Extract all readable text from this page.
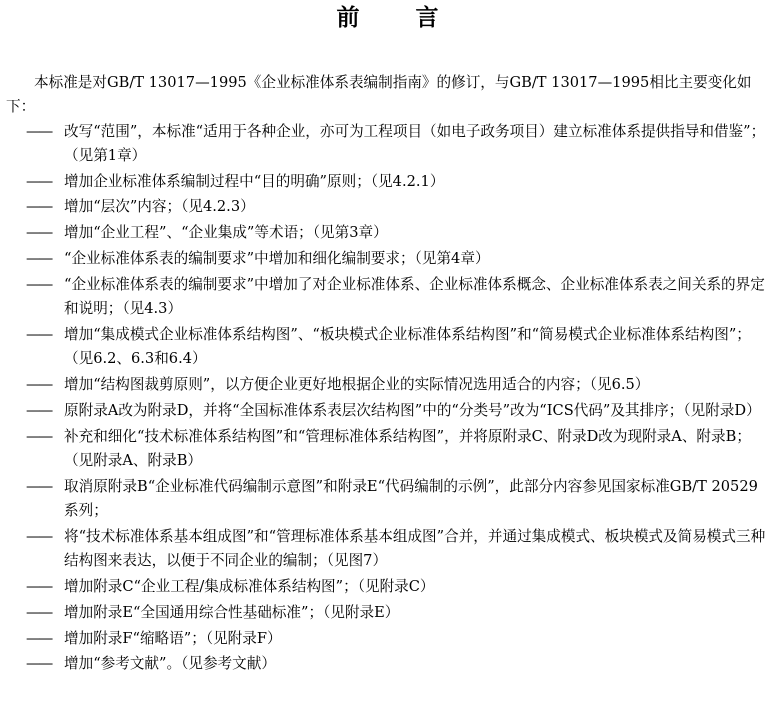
前 言

本标准是对GB/T 13017—1995《企业标准体系表编制指南》的修订，与GB/T 13017—1995相比主要变化如下：

—— 改写“范围”，本标准“适用于各种企业，亦可为工程项目（如电子政务项目）建立标准体系提供指导和借鉴”；（见第1章）
—— 增加企业标准体系编制过程中“目的明确”原则；（见4.2.1）
—— 增加“层次”内容；（见4.2.3）
—— 增加“企业工程”、“企业集成”等术语；（见第3章）
—— “企业标准体系表的编制要求”中增加和细化编制要求；（见第4章）
—— “企业标准体系表的编制要求”中增加了对企业标准体系、企业标准体系概念、企业标准体系表之间关系的界定和说明；（见4.3）
—— 增加“集成模式企业标准体系结构图”、“板块模式企业标准体系结构图”和“简易模式企业标准体系结构图”；（见6.2、6.3和6.4）
—— 增加“结构图裁剪原则”，以方便企业更好地根据企业的实际情况选用适合的内容；（见6.5）
—— 原附录A改为附录D，并将“全国标准体系表层次结构图”中的“分类号”改为“ICS代码”及其排序；（见附录D）
—— 补充和细化“技术标准体系结构图”和“管理标准体系结构图”，并将原附录C、附录D改为现附录A、附录B；（见附录A、附录B）
—— 取消原附录B“企业标准代码编制示意图”和附录E“代码编制的示例”，此部分内容参见国家标准GB/T 20529系列；
—— 将“技术标准体系基本组成图”和“管理标准体系基本组成图”合并，并通过集成模式、板块模式及简易模式三种结构图来表达，以便于不同企业的编制；（见图7）
—— 增加附录C“企业工程/集成标准体系结构图”；（见附录C）
—— 增加附录E“全国通用综合性基础标准”；（见附录E）
—— 增加附录F“缩略语”；（见附录F）
—— 增加“参考文献”。（见参考文献）
